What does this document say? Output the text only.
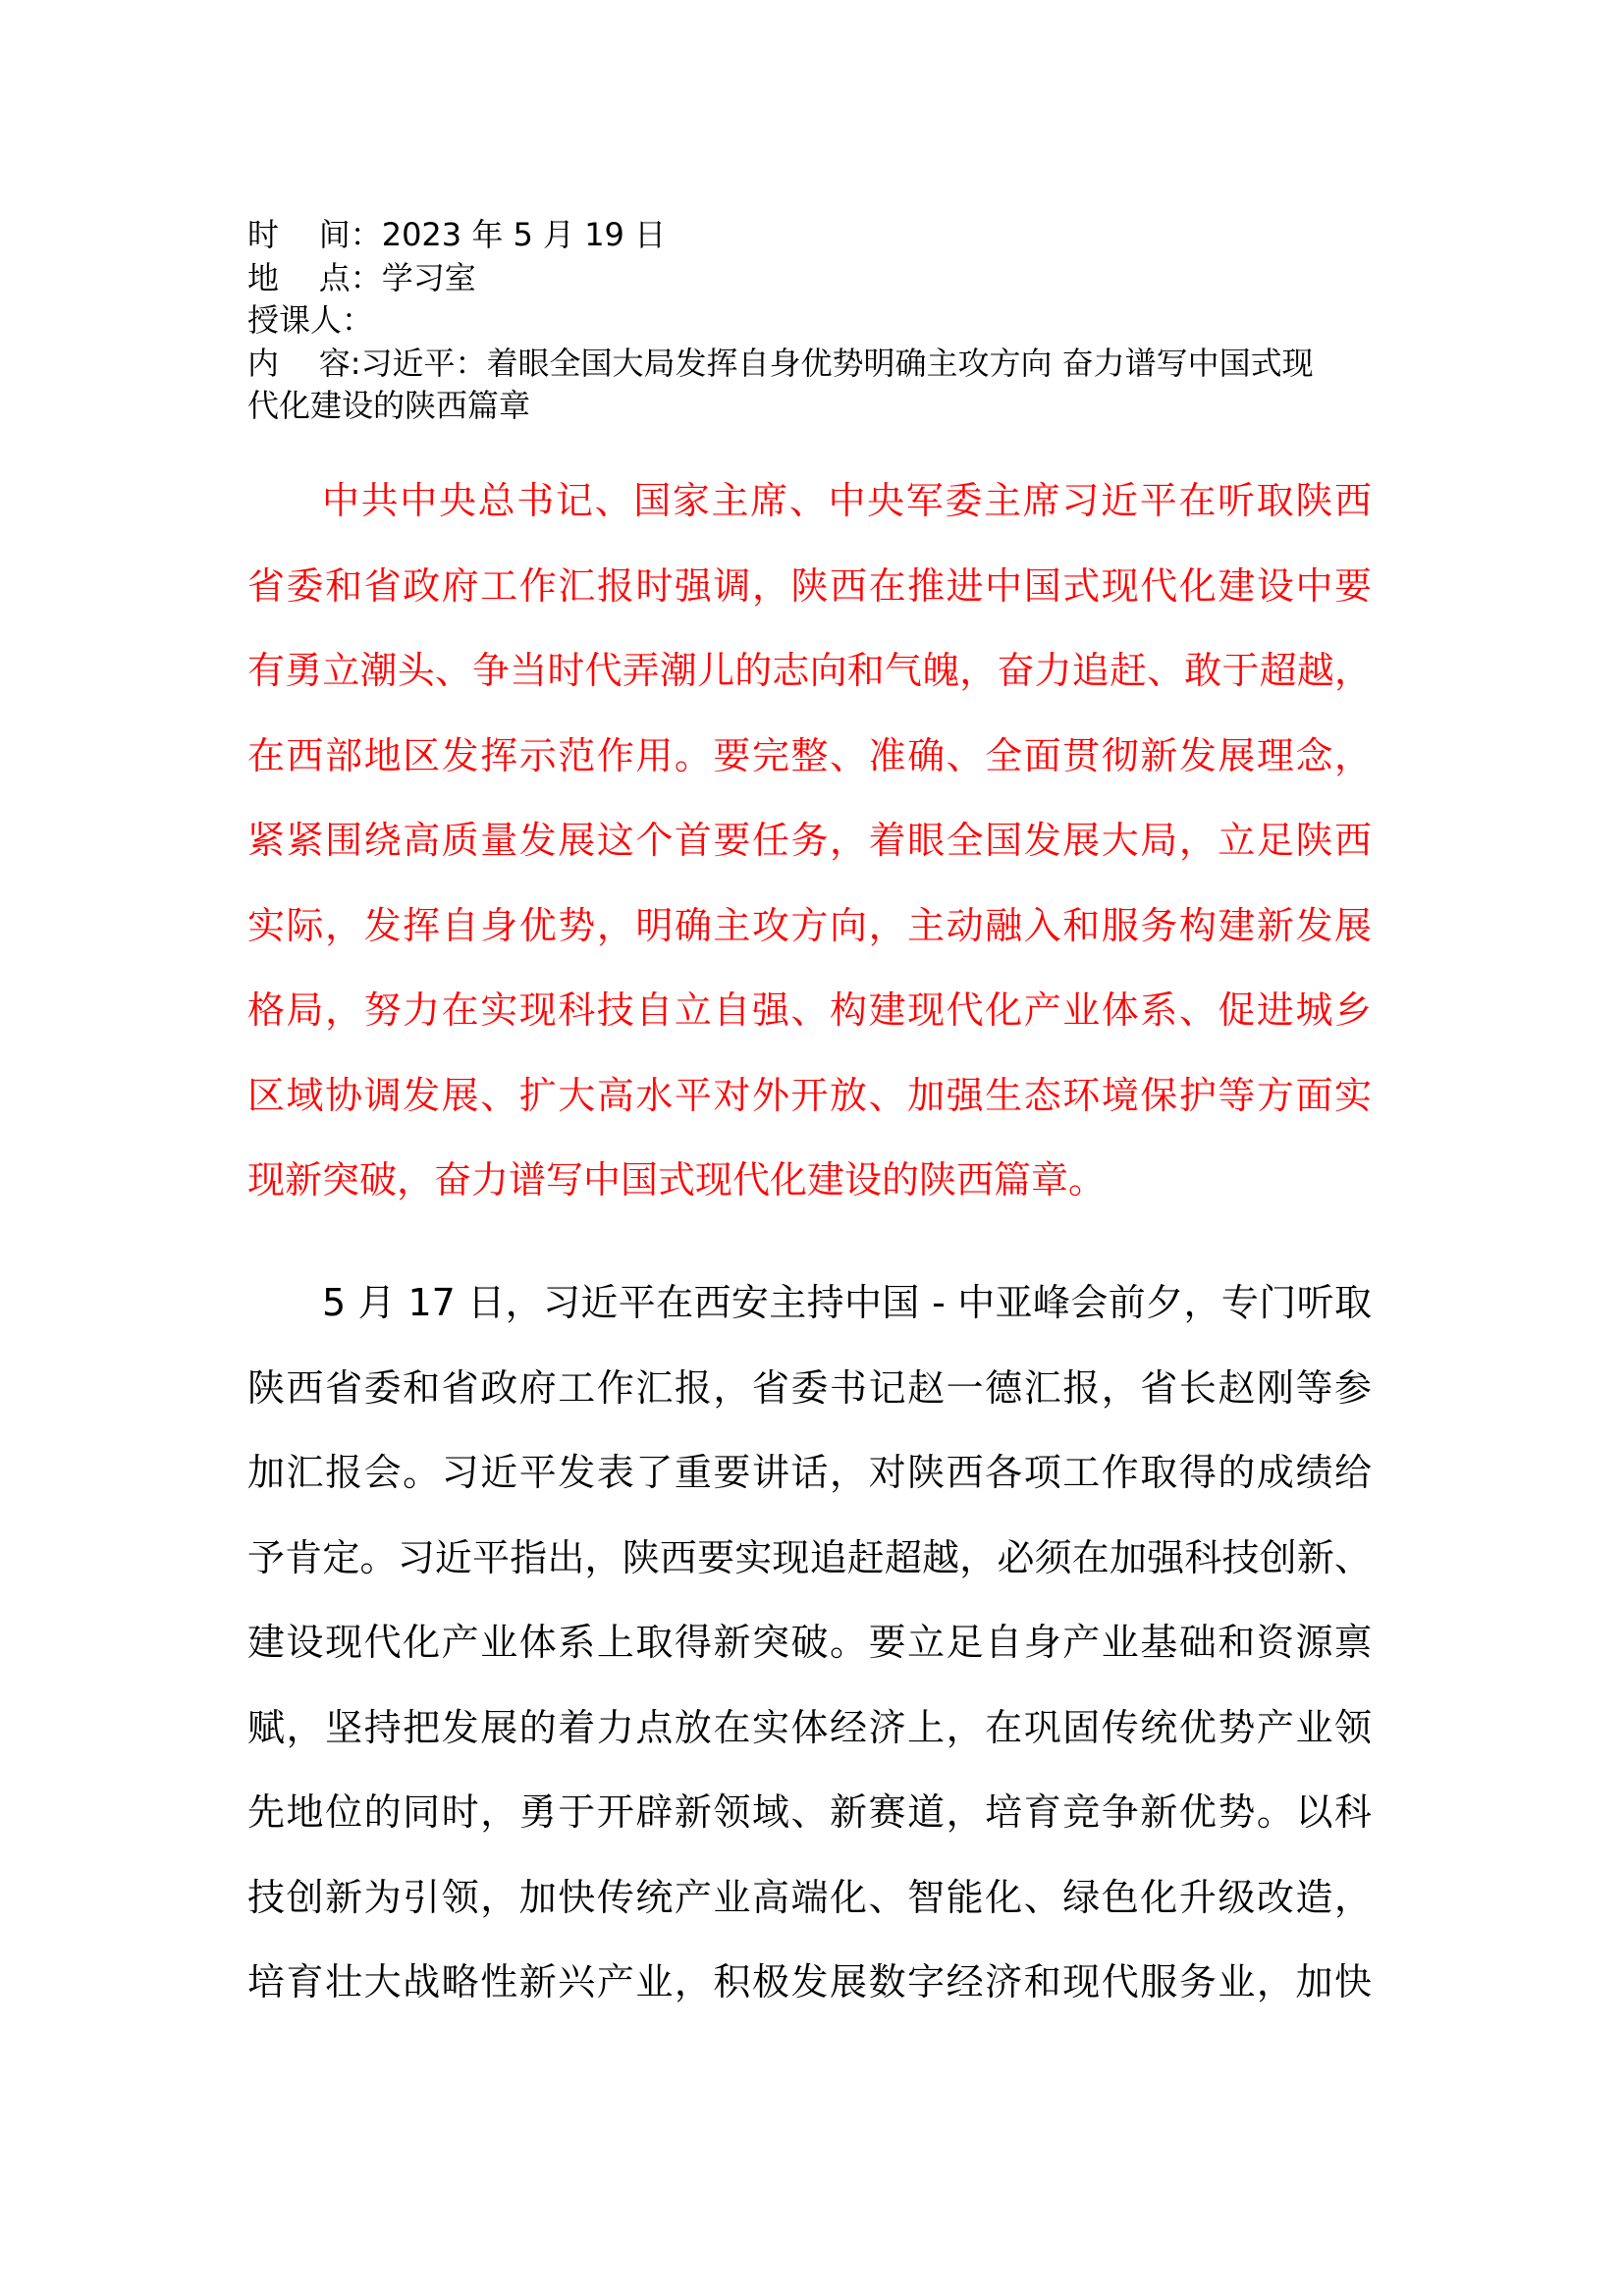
时    间：2023 年 5 月 19 日
地    点：学习室
授课人：
内    容:习近平：着眼全国大局发挥自身优势明确主攻方向 奋力谱写中国式现
代化建设的陕西篇章
中共中央总书记、国家主席、中央军委主席习近平在听取陕西
省委和省政府工作汇报时强调，陕西在推进中国式现代化建设中要
有勇立潮头、争当时代弄潮儿的志向和气魄，奋力追赶、敢于超越，
在西部地区发挥示范作用。要完整、准确、全面贯彻新发展理念，
紧紧围绕高质量发展这个首要任务，着眼全国发展大局，立足陕西
实际，发挥自身优势，明确主攻方向，主动融入和服务构建新发展
格局，努力在实现科技自立自强、构建现代化产业体系、促进城乡
区域协调发展、扩大高水平对外开放、加强生态环境保护等方面实
现新突破，奋力谱写中国式现代化建设的陕西篇章。
5 月 17 日，习近平在西安主持中国 - 中亚峰会前夕，专门听取
陕西省委和省政府工作汇报，省委书记赵一德汇报，省长赵刚等参
加汇报会。习近平发表了重要讲话，对陕西各项工作取得的成绩给
予肯定。习近平指出，陕西要实现追赶超越，必须在加强科技创新、
建设现代化产业体系上取得新突破。要立足自身产业基础和资源禀
赋，坚持把发展的着力点放在实体经济上，在巩固传统优势产业领
先地位的同时，勇于开辟新领域、新赛道，培育竞争新优势。以科
技创新为引领，加快传统产业高端化、智能化、绿色化升级改造，
培育壮大战略性新兴产业，积极发展数字经济和现代服务业，加快
